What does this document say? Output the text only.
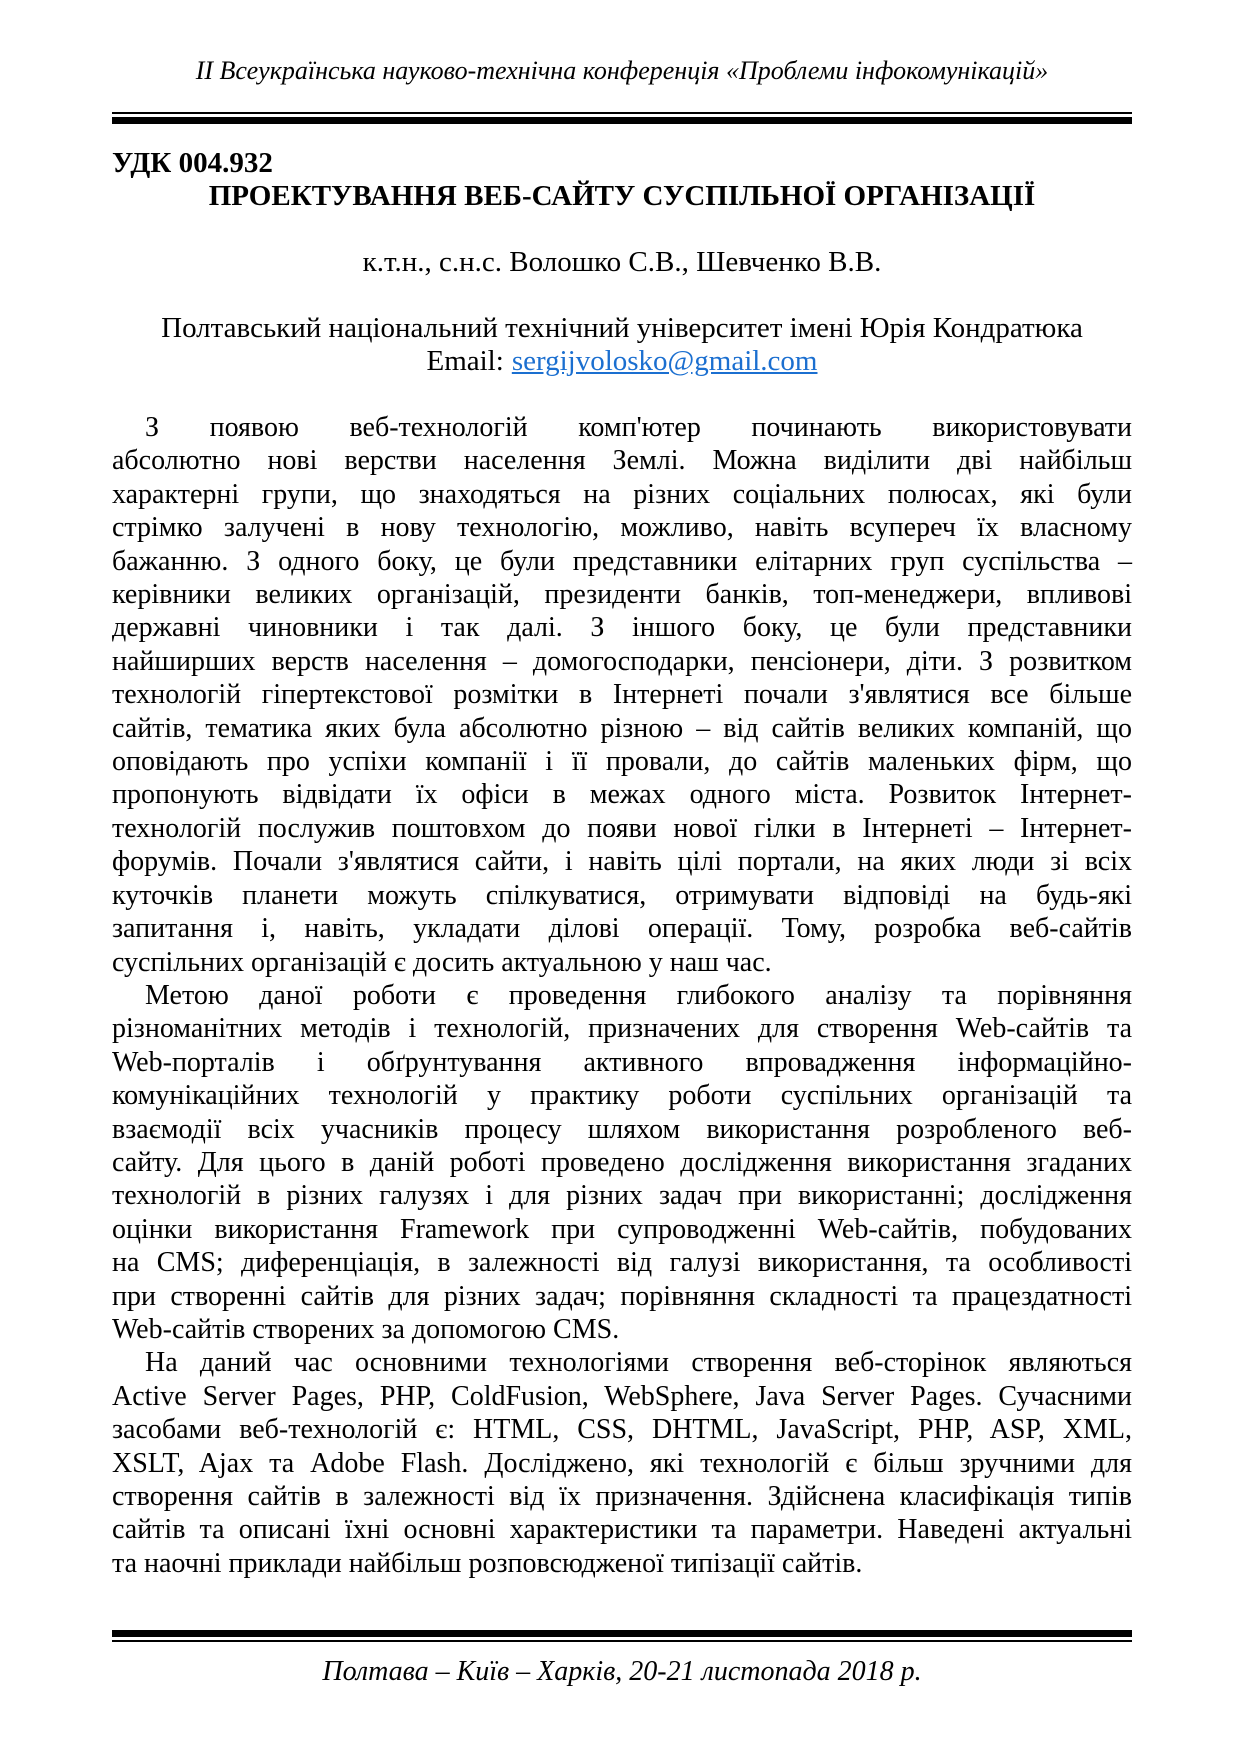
ІІ Всеукраїнська науково-технічна конференція «Проблеми інфокомунікацій»
УДК 004.932
ПРОЕКТУВАННЯ ВЕБ-САЙТУ СУСПІЛЬНОЇ ОРГАНІЗАЦІЇ
к.т.н., с.н.с. Волошко С.В., Шевченко В.В.
Полтавський національний технічний університет імені Юрія Кондратюка
Email: sergijvolosko@gmail.com
З появою веб-технологій комп'ютер починають використовувати
абсолютно нові верстви населення Землі. Можна виділити дві найбільш
характерні групи, що знаходяться на різних соціальних полюсах, які були
стрімко залучені в нову технологію, можливо, навіть всупереч їх власному
бажанню. З одного боку, це були представники елітарних груп суспільства –
керівники великих організацій, президенти банків, топ-менеджери, впливові
державні чиновники і так далі. З іншого боку, це були представники
найширших верств населення – домогосподарки, пенсіонери, діти. З розвитком
технологій гіпертекстової розмітки в Інтернеті почали з'являтися все більше
сайтів, тематика яких була абсолютно різною – від сайтів великих компаній, що
оповідають про успіхи компанії і її провали, до сайтів маленьких фірм, що
пропонують відвідати їх офіси в межах одного міста. Розвиток Інтернет-
технологій послужив поштовхом до появи нової гілки в Інтернеті – Інтернет-
форумів. Почали з'являтися сайти, і навіть цілі портали, на яких люди зі всіх
куточків планети можуть спілкуватися, отримувати відповіді на будь-які
запитання і, навіть, укладати ділові операції. Тому, розробка веб-сайтів
суспільних організацій є досить актуальною у наш час.
Метою даної роботи є проведення глибокого аналізу та порівняння
різноманітних методів і технологій, призначених для створення Web-сайтів та
Web-порталів і обґрунтування активного впровадження інформаційно-
комунікаційних технологій у практику роботи суспільних організацій та
взаємодії всіх учасників процесу шляхом використання розробленого веб-
сайту. Для цього в даній роботі проведено дослідження використання згаданих
технологій в різних галузях і для різних задач при використанні; дослідження
оцінки використання Framework при супроводженні Web-сайтів, побудованих
на CMS; диференціація, в залежності від галузі використання, та особливості
при створенні сайтів для різних задач; порівняння складності та працездатності
Web-сайтів створених за допомогою CMS.
На даний час основними технологіями створення веб-сторінок являються
Active Server Pages, PHP, ColdFusion, WebSphere, Java Server Pages. Сучасними
засобами веб-технологій є: HTML, CSS, DHTML, JavaScript, PHP, ASP, XML,
XSLT, Ajax та Adobe Flash. Досліджено, які технологій є більш зручними для
створення сайтів в залежності від їх призначення. Здійснена класифікація типів
сайтів та описані їхні основні характеристики та параметри. Наведені актуальні
та наочні приклади найбільш розповсюдженої типізації сайтів.
Полтава – Київ – Харків, 20-21 листопада 2018 р.
